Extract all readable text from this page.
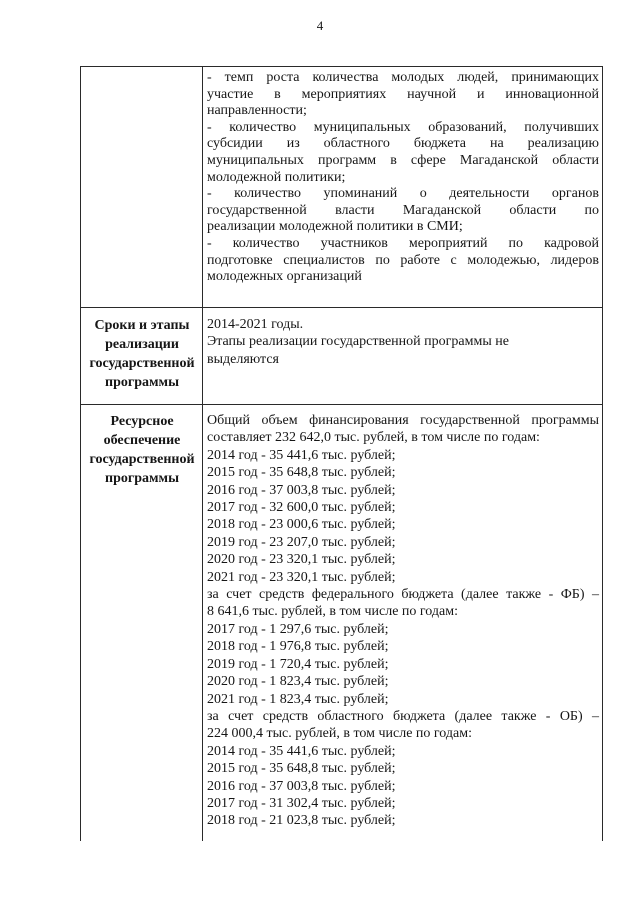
4

- темп роста количества молодых людей, принимающих

участие в мероприятиях научной и инновационной

направленности;

- количество муниципальных образований, получивших

субсидии из областного бюджета на реализацию

муниципальных программ в сфере Магаданской области

молодежной политики;

- количество упоминаний о деятельности органов

государственной власти Магаданской области по

реализации молодежной политики в СМИ;

- количество участников мероприятий по кадровой

подготовке специалистов по работе с молодежью, лидеров

молодежных организаций

Сроки и этапы
реализации
государственной
программы

2014-2021 годы.

Этапы реализации государственной программы не

выделяются

Ресурсное
обеспечение
государственной
программы

Общий объем финансирования государственной программы

составляет 232 642,0 тыс. рублей, в том числе по годам:

2014 год - 35 441,6 тыс. рублей;

2015 год - 35 648,8 тыс. рублей;

2016 год - 37 003,8 тыс. рублей;

2017 год - 32 600,0 тыс. рублей;

2018 год - 23 000,6 тыс. рублей;

2019 год - 23 207,0 тыс. рублей;

2020 год - 23 320,1 тыс. рублей;

2021 год - 23 320,1 тыс. рублей;

за счет средств федерального бюджета (далее также - ФБ) –

8 641,6 тыс. рублей, в том числе по годам:

2017 год - 1 297,6 тыс. рублей;

2018 год - 1 976,8 тыс. рублей;

2019 год - 1 720,4 тыс. рублей;

2020 год - 1 823,4 тыс. рублей;

2021 год - 1 823,4 тыс. рублей;

за счет средств областного бюджета (далее также - ОБ) –

224 000,4 тыс. рублей, в том числе по годам:

2014 год - 35 441,6 тыс. рублей;

2015 год - 35 648,8 тыс. рублей;

2016 год - 37 003,8 тыс. рублей;

2017 год - 31 302,4 тыс. рублей;

2018 год - 21 023,8 тыс. рублей;
